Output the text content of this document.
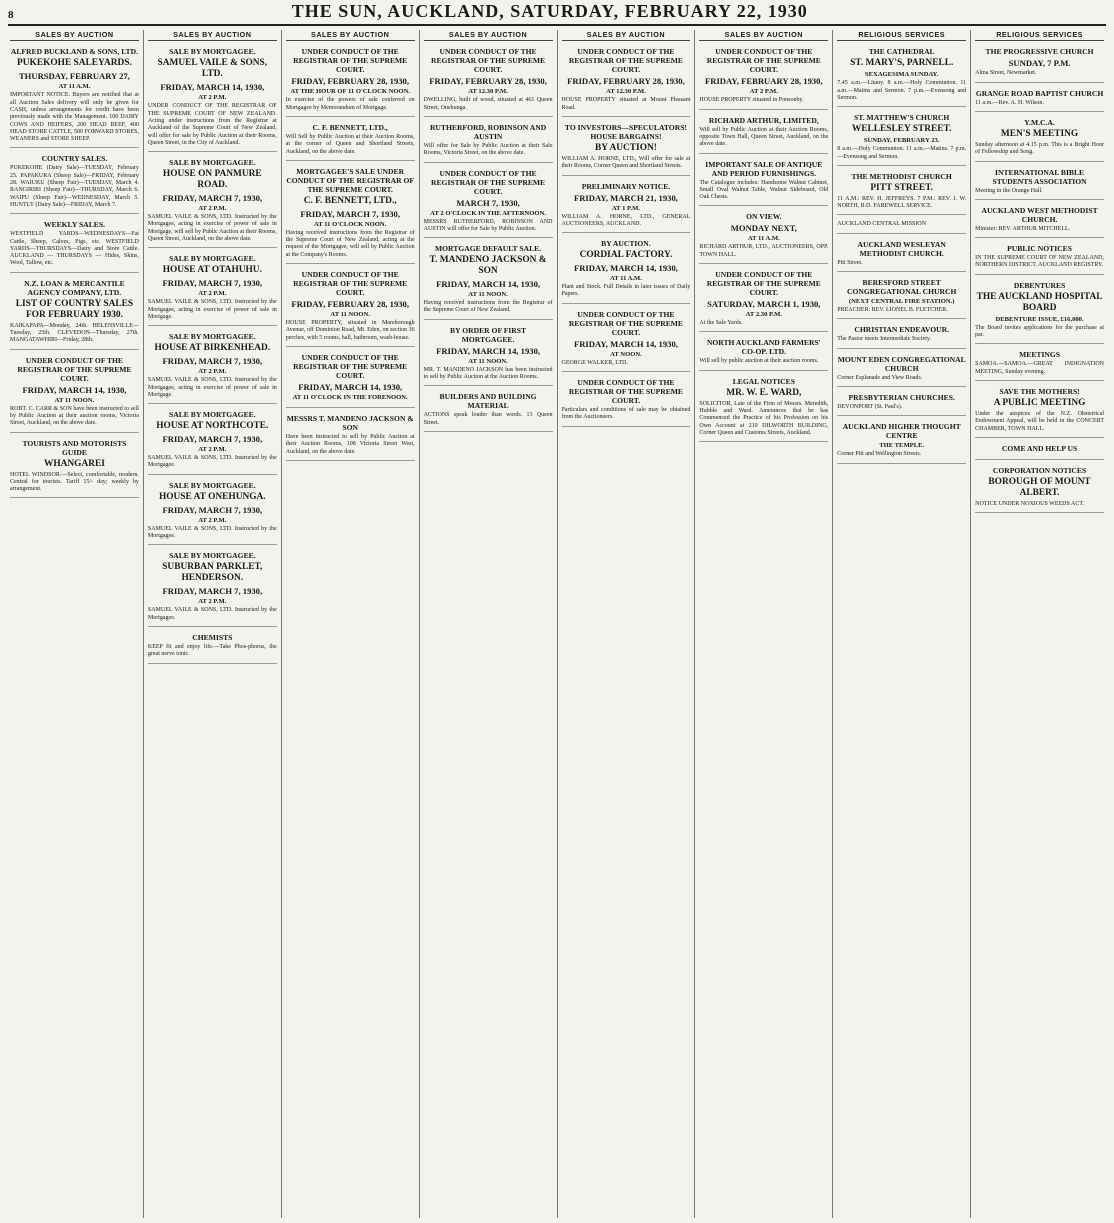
8	THE SUN, AUCKLAND, SATURDAY, FEBRUARY 22, 1930
SALES BY AUCTION
ALFRED BUCKLAND & SONS, LTD.
PUKEKOHE SALEYARDS.
THURSDAY, FEBRUARY 27,
AT 11 A.M.
IMPORTANT NOTICE. Buyers are notified that at all Auction Sales delivery will only be given for CASH, unless arrangements for credit have been previously made with the Management. 100 DAIRY COWS AND HEIFERS, 200 HEAD BEEF, 400 HEAD STORE CATTLE, 500 FORWARD STORES, WEANERS and STORE SHEEP.
COUNTRY SALES.
PUKEKOHE (Dairy Sale)—TUESDAY, February 25. PAPAKURA (Sheep Sale)—FRIDAY, February 28. WAIUKU (Sheep Fair)—TUESDAY, March 4. RANGIRIRI (Sheep Fair)—THURSDAY, March 6. WAIPU (Sheep Fair)—WEDNESDAY, March 5. HUNTLY (Dairy Sale)—FRIDAY, March 7.
WEEKLY SALES.
WESTFIELD YARDS—WEDNESDAYS—Fat Cattle, Sheep, Calves, Pigs, etc. WESTFIELD YARDS—THURSDAYS—Dairy and Store Cattle. AUCKLAND — THURSDAYS — Hides, Skins, Wool, Tallow, etc.
N.Z. LOAN & MERCANTILE AGENCY COMPANY, LTD.
LIST OF COUNTRY SALES FOR FEBRUARY 1930.
KAIKAPAPA—Monday, 24th. HELENSVILLE—Tuesday, 25th. CLEVEDON—Thursday, 27th. MANGATAWHIRI—Friday, 28th.
UNDER CONDUCT OF THE REGISTRAR OF THE SUPREME COURT.
FRIDAY, MARCH 14, 1930,
AT 11 NOON.
ROBT. C. CARR & SON have been instructed to sell by Public Auction at their auction rooms, Victoria Street, Auckland, on the above date.
TOURISTS AND MOTORISTS GUIDE
WHANGAREI
HOTEL WINDSOR.—Select, comfortable, modern. Central for tourists. Tariff 15/- day; weekly by arrangement.
SALES BY AUCTION
SALE BY MORTGAGEE.
SAMUEL VAILE & SONS, LTD.
FRIDAY, MARCH 14, 1930,
AT 2 P.M.
UNDER CONDUCT OF THE REGISTRAR OF THE SUPREME COURT OF NEW ZEALAND. Acting under instructions from the Registrar at Auckland of the Supreme Court of New Zealand, will offer for sale by Public Auction at their Rooms, Queen Street, in the City of Auckland.
SALE BY MORTGAGEE.
HOUSE ON PANMURE ROAD.
FRIDAY, MARCH 7, 1930,
AT 2 P.M.
SAMUEL VAILE & SONS, LTD. Instructed by the Mortgagee, acting in exercise of power of sale in Mortgage, will sell by Public Auction at their Rooms, Queen Street, Auckland, on the above date.
SALE BY MORTGAGEE.
HOUSE AT OTAHUHU.
FRIDAY, MARCH 7, 1930,
AT 2 P.M.
SAMUEL VAILE & SONS, LTD. Instructed by the Mortgagee, acting in exercise of power of sale in Mortgage.
SALE BY MORTGAGEE.
HOUSE AT BIRKENHEAD.
FRIDAY, MARCH 7, 1930,
AT 2 P.M.
SAMUEL VAILE & SONS, LTD. Instructed by the Mortgagee, acting in exercise of power of sale in Mortgage.
SALE BY MORTGAGEE.
HOUSE AT NORTHCOTE.
FRIDAY, MARCH 7, 1930,
AT 2 P.M.
SAMUEL VAILE & SONS, LTD. Instructed by the Mortgagee.
SALE BY MORTGAGEE.
HOUSE AT ONEHUNGA.
FRIDAY, MARCH 7, 1930,
AT 2 P.M.
SAMUEL VAILE & SONS, LTD. Instructed by the Mortgagee.
SALE BY MORTGAGEE.
SUBURBAN PARKLET, HENDERSON.
FRIDAY, MARCH 7, 1930,
AT 2 P.M.
SAMUEL VAILE & SONS, LTD. Instructed by the Mortgagee.
CHEMISTS
KEEP fit and enjoy life.—Take Phos-phorus, the great nerve tonic.
SALES BY AUCTION
UNDER CONDUCT OF THE REGISTRAR OF THE SUPREME COURT.
FRIDAY, FEBRUARY 28, 1930,
AT THE HOUR OF 11 O'CLOCK NOON.
In exercise of the powers of sale conferred on Mortgagee by Memorandum of Mortgage.
C. F. BENNETT, LTD.,
Will Sell by Public Auction at their Auction Rooms, at the corner of Queen and Shortland Streets, Auckland, on the above date.
MORTGAGEE'S SALE UNDER CONDUCT OF THE REGISTRAR OF THE SUPREME COURT.
C. F. BENNETT, LTD.,
FRIDAY, MARCH 7, 1930,
AT 11 O'CLOCK NOON.
Having received instructions from the Registrar of the Supreme Court of New Zealand, acting at the request of the Mortgagee, will sell by Public Auction at the Company's Rooms.
UNDER CONDUCT OF THE REGISTRAR OF THE SUPREME COURT.
FRIDAY, FEBRUARY 28, 1930,
AT 11 NOON.
HOUSE PROPERTY, situated in Mareborough Avenue, off Dominion Road, Mt. Eden, on section 36 perches, with 5 rooms, hall, bathroom, wash-house.
UNDER CONDUCT OF THE REGISTRAR OF THE SUPREME COURT.
FRIDAY, MARCH 14, 1930,
AT 11 O'CLOCK IN THE FORENOON.
MESSRS T. MANDENO JACKSON & SON
Have been instructed to sell by Public Auction at their Auction Rooms, 108 Victoria Street West, Auckland, on the above date.
SALES BY AUCTION
UNDER CONDUCT OF THE REGISTRAR OF THE SUPREME COURT.
FRIDAY, FEBRUARY 28, 1930,
AT 12.30 P.M.
DWELLING, built of wood, situated at 461 Queen Street, Onehunga.
RUTHERFORD, ROBINSON AND AUSTIN
Will offer for Sale by Public Auction at their Sale Rooms, Victoria Street, on the above date.
UNDER CONDUCT OF THE REGISTRAR OF THE SUPREME COURT.
MARCH 7, 1930,
AT 2 O'CLOCK IN THE AFTERNOON.
MESSRS RUTHERFORD, ROBINSON AND AUSTIN will offer for Sale by Public Auction.
MORTGAGE DEFAULT SALE.
T. MANDENO JACKSON & SON
FRIDAY, MARCH 14, 1930,
AT 11 NOON.
Having received instructions from the Registrar of the Supreme Court of New Zealand.
BY ORDER OF FIRST MORTGAGEE.
FRIDAY, MARCH 14, 1930,
AT 11 NOON.
MR. T. MANDENO JACKSON has been instructed to sell by Public Auction at the Auction Rooms.
BUILDERS AND BUILDING MATERIAL
ACTIONS speak louder than words. 13 Queen Street.
SALES BY AUCTION
UNDER CONDUCT OF THE REGISTRAR OF THE SUPREME COURT.
FRIDAY, FEBRUARY 28, 1930,
AT 12.30 P.M.
HOUSE PROPERTY situated at Mount Pleasant Road.
TO INVESTORS—SPECULATORS! HOUSE BARGAINS!
BY AUCTION!
WILLIAM A. HORNE, LTD., Will offer for sale at their Rooms, Corner Queen and Shortland Streets.
PRELIMINARY NOTICE.
FRIDAY, MARCH 21, 1930,
AT 1 P.M.
WILLIAM A. HORNE, LTD., GENERAL AUCTIONEERS, AUCKLAND.
BY AUCTION.
CORDIAL FACTORY.
FRIDAY, MARCH 14, 1930,
AT 11 A.M.
Plant and Stock. Full Details in later issues of Daily Papers.
UNDER CONDUCT OF THE REGISTRAR OF THE SUPREME COURT.
FRIDAY, MARCH 14, 1930,
AT NOON.
GEORGE WALKER, LTD.
UNDER CONDUCT OF THE REGISTRAR OF THE SUPREME COURT.
Particulars and conditions of sale may be obtained from the Auctioneers.
SALES BY AUCTION
UNDER CONDUCT OF THE REGISTRAR OF THE SUPREME COURT.
FRIDAY, FEBRUARY 28, 1930,
AT 2 P.M.
HOUSE PROPERTY situated in Ponsonby.
RICHARD ARTHUR, LIMITED,
Will sell by Public Auction at their Auction Rooms, opposite Town Hall, Queen Street, Auckland, on the above date.
IMPORTANT SALE OF ANTIQUE AND PERIOD FURNISHINGS.
The Catalogue includes: Handsome Walnut Cabinet, Small Oval Walnut Table, Walnut Sideboard, Old Oak Chests.
ON VIEW.
MONDAY NEXT,
AT 11 A.M.
RICHARD ARTHUR, LTD., AUCTIONEERS, OPP. TOWN HALL.
UNDER CONDUCT OF THE REGISTRAR OF THE SUPREME COURT.
SATURDAY, MARCH 1, 1930,
AT 2.30 P.M.
At the Sale Yards.
NORTH AUCKLAND FARMERS' CO-OP. LTD.
Will sell by public auction at their auction rooms.
LEGAL NOTICES
MR. W. E. WARD,
SOLICITOR. Late of the Firm of Messrs. Meredith, Hubble and Ward. Announces that he has Commenced the Practice of his Profession on his Own Account at 210 DILWORTH BUILDING, Corner Queen and Customs Streets, Auckland.
RELIGIOUS SERVICES
THE CATHEDRAL
ST. MARY'S, PARNELL.
SEXAGESIMA SUNDAY.
7.45 a.m.—Litany. 8 a.m.—Holy Communion. 11 a.m.—Matins and Sermon. 7 p.m.—Evensong and Sermon.
ST. MATTHEW'S CHURCH
WELLESLEY STREET.
SUNDAY, FEBRUARY 23.
8 a.m.—Holy Communion. 11 a.m.—Matins. 7 p.m.—Evensong and Sermon.
THE METHODIST CHURCH
PITT STREET.
11 A.M.: REV. H. JEFFREYS. 7 P.M.: REV. J. W. NORTH, B.D. FAREWELL SERVICE.
AUCKLAND CENTRAL MISSION
AUCKLAND WESLEYAN METHODIST CHURCH.
Pitt Street.
BERESFORD STREET CONGREGATIONAL CHURCH
(NEXT CENTRAL FIRE STATION.)
PREACHER: REV. LIONEL B. FLETCHER.
CHRISTIAN ENDEAVOUR.
The Pastor meets Intermediate Society.
MOUNT EDEN CONGREGATIONAL CHURCH
Corner Esplanade and View Roads.
PRESBYTERIAN CHURCHES.
DEVONPORT (St. Paul's).
AUCKLAND HIGHER THOUGHT CENTRE
THE TEMPLE.
Corner Pitt and Wellington Streets.
RELIGIOUS SERVICES
THE PROGRESSIVE CHURCH
SUNDAY, 7 P.M.
Alma Street, Newmarket.
GRANGE ROAD BAPTIST CHURCH
11 a.m.—Rev. A. H. Wilson.
Y.M.C.A.
MEN'S MEETING
Sunday afternoon at 4.15 p.m. This is a Bright Hour of Fellowship and Song.
INTERNATIONAL BIBLE STUDENTS ASSOCIATION
Meeting in the Orange Hall.
AUCKLAND WEST METHODIST CHURCH.
Minister: REV. ARTHUR MITCHELL.
PUBLIC NOTICES
IN THE SUPREME COURT OF NEW ZEALAND, NORTHERN DISTRICT. AUCKLAND REGISTRY.
DEBENTURES
THE AUCKLAND HOSPITAL BOARD
DEBENTURE ISSUE, £16,000.
The Board invites applications for the purchase at par.
MEETINGS
SAMOA.—SAMOA.—GREAT INDIGNATION MEETING, Sunday evening.
SAVE THE MOTHERS!
A PUBLIC MEETING
Under the auspices of the N.Z. Obstetrical Endowment Appeal, will be held in the CONCERT CHAMBER, TOWN HALL.
COME AND HELP US
CORPORATION NOTICES
BOROUGH OF MOUNT ALBERT.
NOTICE UNDER NOXIOUS WEEDS ACT.
